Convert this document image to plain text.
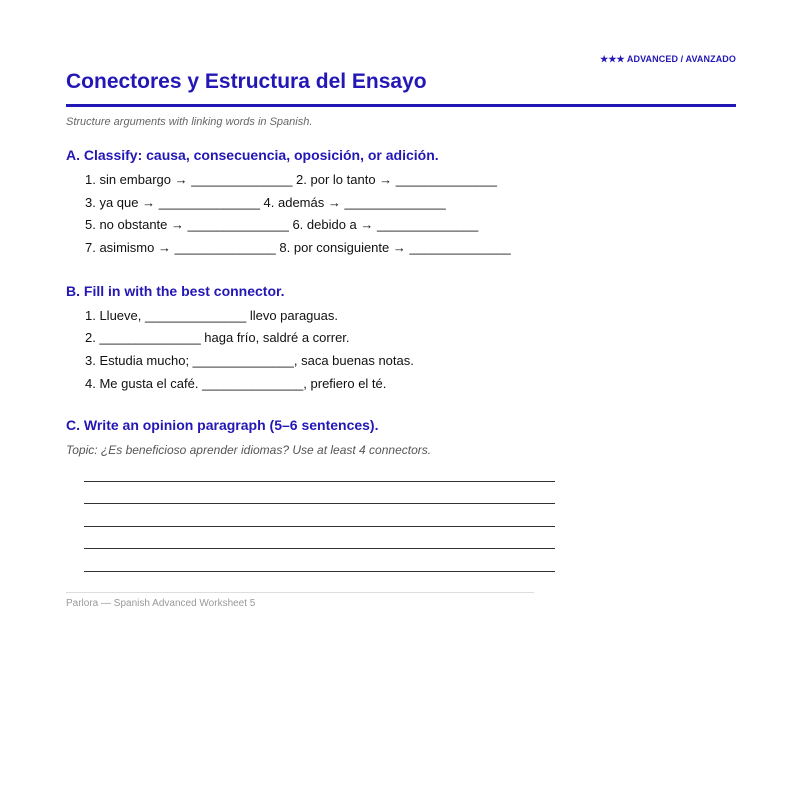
★★★ ADVANCED / AVANZADO
Conectores y Estructura del Ensayo
Structure arguments with linking words in Spanish.
A. Classify: causa, consecuencia, oposición, or adición.
1. sin embargo → ______________ 2. por lo tanto → ______________
3. ya que → ______________ 4. además → ______________
5. no obstante → ______________ 6. debido a → ______________
7. asimismo → ______________ 8. por consiguiente → ______________
B. Fill in with the best connector.
1. Llueve, ______________ llevo paraguas.
2. ______________ haga frío, saldré a correr.
3. Estudia mucho; ______________, saca buenas notas.
4. Me gusta el café. ______________, prefiero el té.
C. Write an opinion paragraph (5–6 sentences).
Topic: ¿Es beneficioso aprender idiomas? Use at least 4 connectors.
Parlora — Spanish Advanced Worksheet 5
